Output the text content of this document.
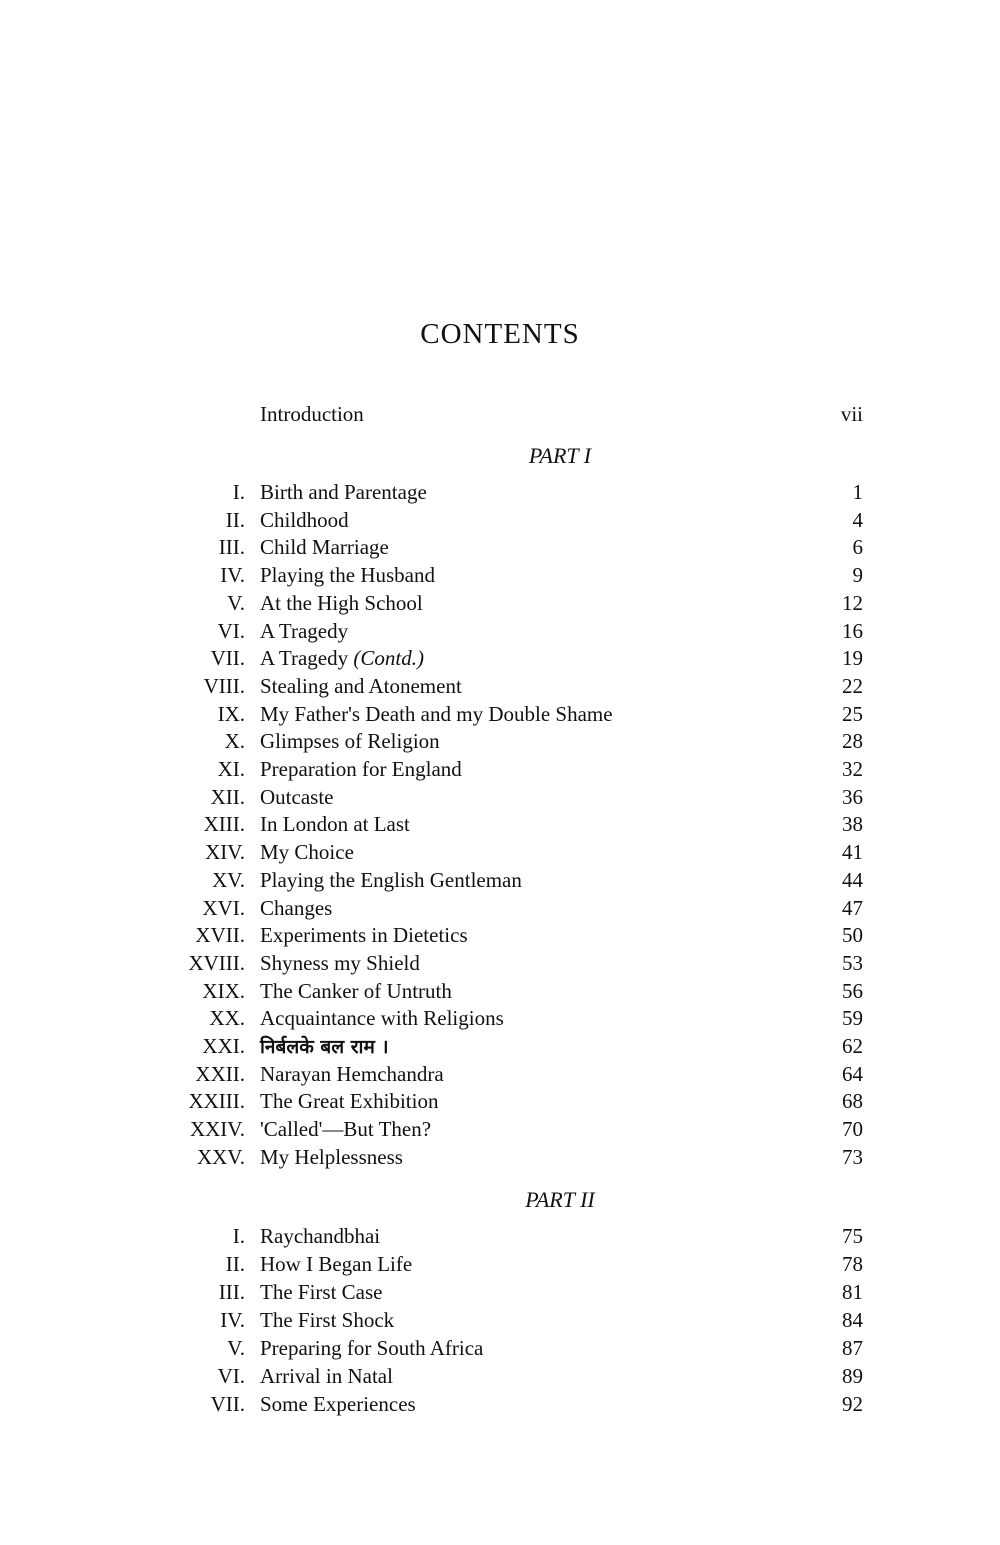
CONTENTS
Introduction	vii
PART I
I. Birth and Parentage	1
II. Childhood	4
III. Child Marriage	6
IV. Playing the Husband	9
V. At the High School	12
VI. A Tragedy	16
VII. A Tragedy (Contd.)	19
VIII. Stealing and Atonement	22
IX. My Father's Death and my Double Shame	25
X. Glimpses of Religion	28
XI. Preparation for England	32
XII. Outcaste	36
XIII. In London at Last	38
XIV. My Choice	41
XV. Playing the English Gentleman	44
XVI. Changes	47
XVII. Experiments in Dietetics	50
XVIII. Shyness my Shield	53
XIX. The Canker of Untruth	56
XX. Acquaintance with Religions	59
XXI. निर्बलके बल राम ।	62
XXII. Narayan Hemchandra	64
XXIII. The Great Exhibition	68
XXIV. 'Called'—But Then?	70
XXV. My Helplessness	73
PART II
I. Raychandbhai	75
II. How I Began Life	78
III. The First Case	81
IV. The First Shock	84
V. Preparing for South Africa	87
VI. Arrival in Natal	89
VII. Some Experiences	92
